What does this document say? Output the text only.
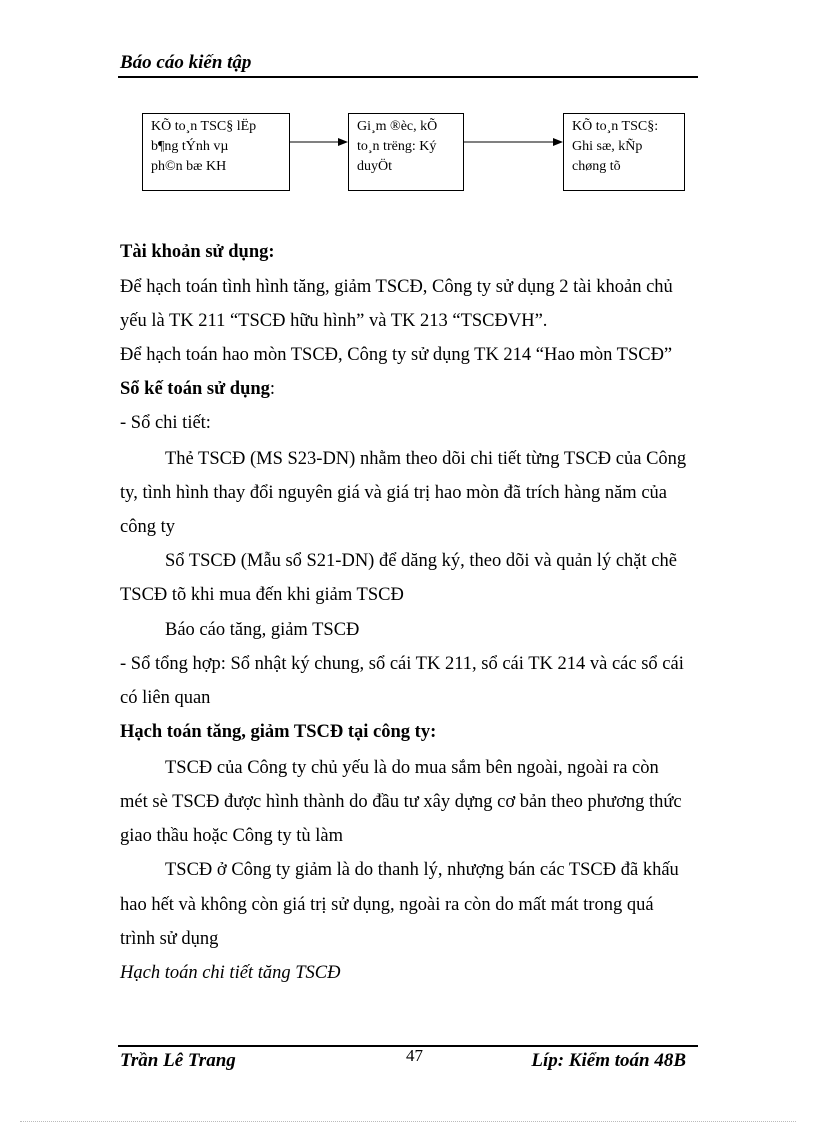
Báo cáo kiến tập
KÕ to¸n TSC§ lËp
b¶ng tÝnh vµ
ph©n bæ KH
Gi¸m ®èc, kÕ
to¸n trëng: Ký
duyÖt
KÕ to¸n TSC§:
Ghi sæ, kÑp
chøng tõ
Tài khoản sử dụng:
Để hạch toán tình hình tăng, giảm TSCĐ, Công ty sử dụng 2 tài khoản chủ
yếu là TK 211 “TSCĐ hữu hình” và TK 213 “TSCĐVH”.
Để hạch toán hao mòn TSCĐ, Công ty sử dụng TK 214 “Hao mòn TSCĐ”
Sổ kế toán sử dụng:
- Sổ chi tiết:
Thẻ TSCĐ (MS S23-DN) nhằm theo dõi chi tiết từng TSCĐ của Công
ty, tình hình thay đổi nguyên giá và giá trị hao mòn đã trích hàng năm của
công ty
Sổ TSCĐ (Mẫu sổ S21-DN) để dăng ký, theo dõi và quản lý chặt chẽ
TSCĐ tõ khi mua đến khi giảm TSCĐ
Báo cáo tăng, giảm TSCĐ
- Sổ tổng hợp: Sổ nhật ký chung, sổ cái TK 211, sổ cái TK 214 và các sổ cái
có liên quan
Hạch toán tăng, giảm TSCĐ tại công ty:
TSCĐ của Công ty chủ yếu là do mua sắm bên ngoài, ngoài ra còn
mét sè TSCĐ được hình thành do đầu tư xây dựng cơ bản theo phương thức
giao thầu hoặc Công ty tù làm
TSCĐ ở Công ty giảm là do thanh lý, nhượng bán các TSCĐ đã khấu
hao hết và không còn giá trị sử dụng, ngoài ra còn do mất mát trong quá
trình sử dụng
Hạch toán chi tiết tăng TSCĐ
Trần Lê Trang	47	Líp: Kiểm toán 48B
